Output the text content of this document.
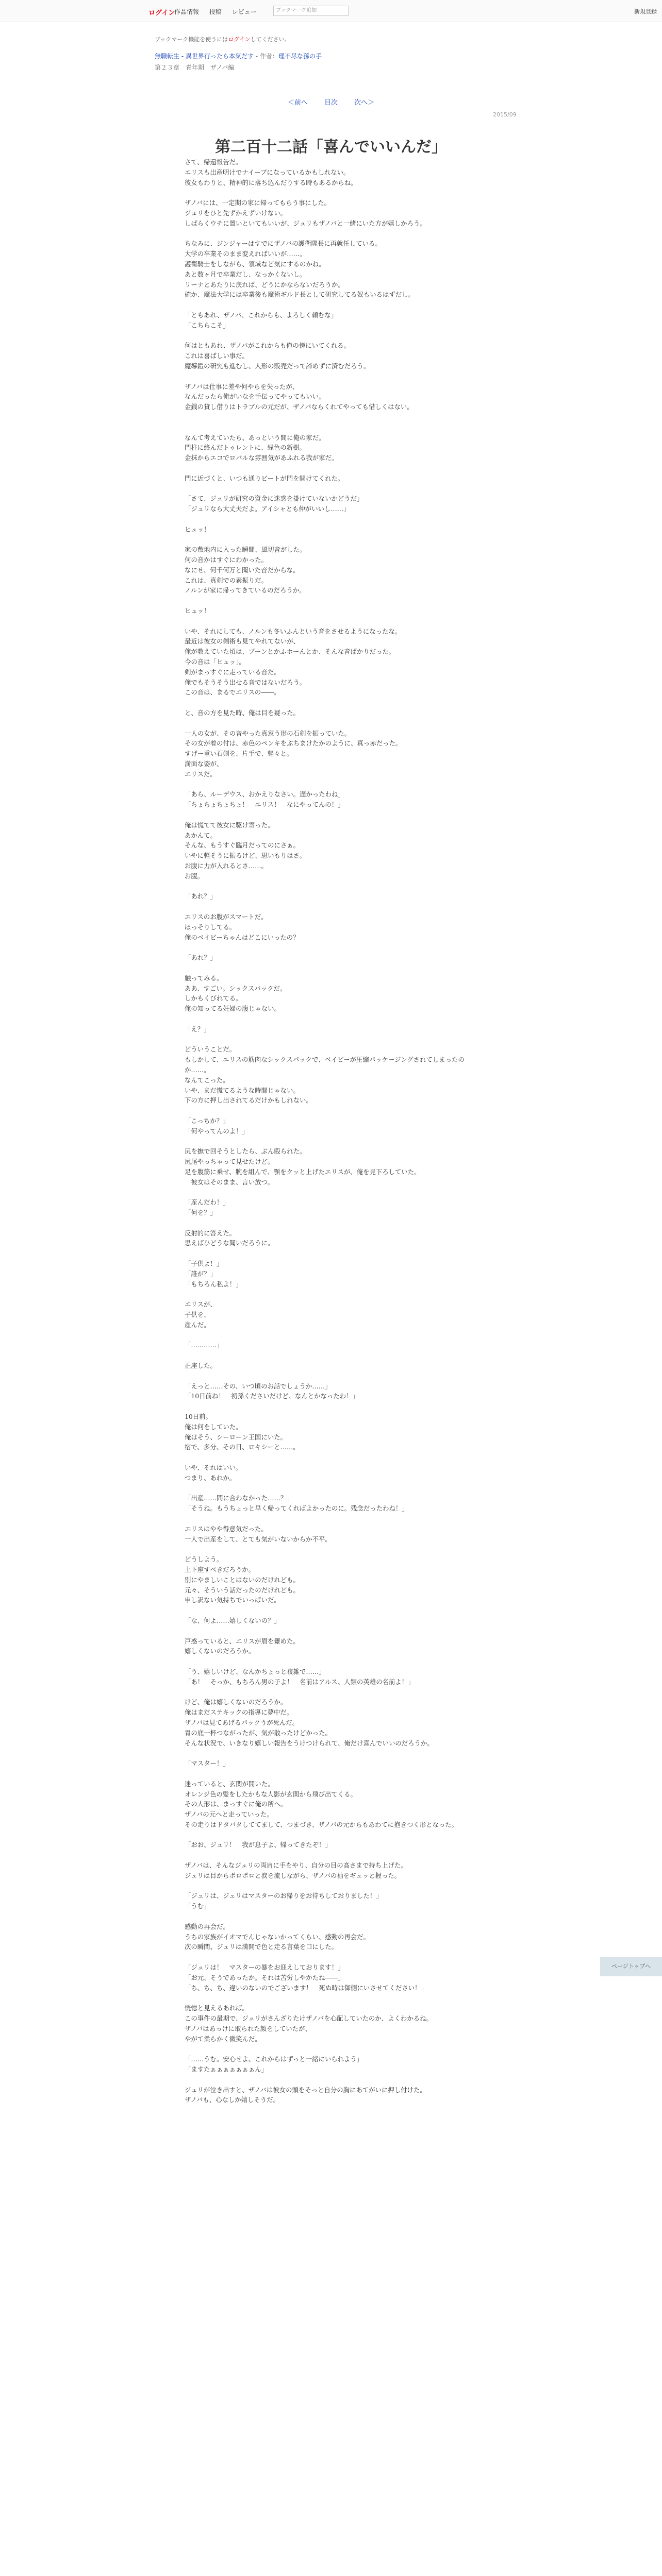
ログイン
作品情報 投稿 レビュー	ブックマーク追加	新規登録
ブックマーク機能を使うにはログインしてください。
無職転生 - 異世界行ったら本気だす - 作者：理不尽な孫の手
第２３章　青年期　ザノバ編
＜前へ 目次 次へ＞
2015/09
第二百十二話「喜んでいいんだ」

さて、帰還報告だ。

エリスも出産明けでナイーブになっているかもしれない。

彼女もわりと、精神的に落ち込んだりする時もあるからね。

ザノバには、一定期の家に帰ってもらう事にした。

ジュリをひと先ずかえずいけない。

しばらくウチに置いといてもいいが、ジュリもザノバと一緒にいた方が嬉しかろう。

ちなみに、ジンジャーはすでにザノバの護衛隊長に再就任している。

大学の卒業そのまま変えればいいが……。

護衛騎士をしながら、領域など気にするのかね。

あと数ヶ月で卒業だし、なっかくないし。

リーナとあたりに戻れば、どうにかならないだろうか。

確か、魔法大学には卒業後も魔術ギルド長として研究してる奴もいるはずだし。

「ともあれ、ザノバ、これからも、よろしく頼むな」

「こちらこそ」

何はともあれ、ザノバがこれからも俺の傍にいてくれる。

これは喜ばしい事だ。

魔導鎧の研究も進むし、人形の販売だって諦めずに済むだろう。

ザノバは仕事に差や何やらを失ったが、

なんだったら俺がいなを手伝ってやってもいい。

金銭の貸し借りはトラブルの元だが、ザノバならくれてやっても惜しくはない。

なんて考えていたら、あっという間に俺の家だ。

門柱に絡んだトゥレントに、緑色の新樹。

金抹からエコでロバルな雰囲気があふれる我が家だ。

門に近づくと、いつも通りビートが門を開けてくれた。

「さて、ジュリが研究の資金に迷惑を掛けていないかどうだ」

「ジュリなら大丈夫だよ。アイシャとも仲がいいし……」

ヒュッ！

家の敷地内に入った瞬間、風切音がした。

何の音かはすぐにわかった。

なにせ、何千何万と聞いた音だからな。

これは、真剣での素振りだ。

ノルンが家に帰ってきているのだろうか。

ヒュッ！

いや、それにしても、ノルンも冬いふんという音をさせるようになったな。

最近は彼女の剣術も見てやれてないが、

俺が教えていた頃は、ブーンとかふホーんとか、そんな音ばかりだった。

今の音は「ヒュッ」。

剣がまっすぐに走っている音だ。

俺でもそうそう出せる音ではないだろう。

この音は、まるでエリスの――。

と、音の方を見た時、俺は目を疑った。

一人の女が、その音やった真窓う形の石剣を振っていた。

その女が着の付は、赤色のペンキをぶちまけたかのように、真っ赤だった。

すげー重い石剣を、片手で、軽々と。

満面な姿が、

エリスだ。

「あら、ルーデウス、おかえりなさい。遅かったわね」

「ちょちょちょちょ！　エリス！　なにやってんの！」

俺は慌てて彼女に駆け寄った。

あかんて。

そんな、もうすぐ臨月だってのにさぁ。

いやに軽そうに振るけど、思いもりはさ。

お腹に力が入れるとさ……。

お腹。

「あれ？」

エリスのお腹がスマートだ。

ほっそりしてる。

俺のベイビーちゃんはどこにいったの？

「あれ？」

触ってみる。

ああ、すごい。シックスパックだ。

しかもくびれてる。

俺の知ってる妊婦の腹じゃない。

「え？」

どういうことだ。

もしかして、エリスの筋肉なシックスパックで、ベイビーが圧縮パッケージングされてしまったのか……。

なんてこった。

いや、まだ慌てるような時間じゃない。

下の方に押し出されてるだけかもしれない。

「こっちか？」

「何やってんのよ！」

尻を撫で回そうとしたら、ぶん殴られた。

尻尾やっちゃって見せたけど。

足を腹筋に乗せ、腕を組んで、顎をクッと上げたエリスが、俺を見下ろしていた。

　彼女はそのまま、言い放つ。

「産んだわ！」

「何を？」

反射的に答えた。

思えばひどうな聞いだろうに。

「子供よ！」

「誰が？」

「もちろん私よ！」

エリスが、

子供を、

産んだ。

「…………」

正座した。

「えっと……その、いつ頃のお話でしょうか……」

「10日前ね！　初孫くださいだけど、なんとかなったわ！」

10日前。

俺は何をしていた。

俺はそう、シーローン王国にいた。

宿で、多分、その日、ロキシーと……。

いや、それはいい。

つまり、あれか。

「出産……間に合わなかった……？」

「そうね。もうちょっと早く帰ってくればよかったのに。残念だったわね！」

エリスはやや得意気だった。

一人で出産をして、とても気がいないからか不平。

どうしよう。

土下座すべきだろうか。

別にやましいことはないのだけれども。

元々、そういう話だったのだけれども。

申し訳ない気持ちでいっぱいだ。

「な、何よ……嬉しくないの？」

戸惑っていると、エリスが眉を顰めた。

嬉しくないのだろうか。

「う、嬉しいけど、なんかちょっと複雑で……」

「あ！　そっか、もちろん男の子よ！　名前はアルス、人類の英雄の名前よ！」

けど、俺は嬉しくないのだろうか。

俺はまだステキックの指導に夢中だ。

ザノバは見てあげるパックうが死んだ。

胃の底一杯つながったが、気が散ったけどかった。

そんな状況で、いきなり嬉しい報告をうけつけられて、俺だけ喜んでいいのだろうか。

「マスター！」

迷っていると、玄関が開いた。

オレンジ色の髪をしたかもな人影が玄関から飛び出てくる。

その人形は、まっすぐに俺の所へ。

ザノバの元へと走っていった。

その走りはドタバタしててまして、つまづき、ザノバの元からもあわてに抱きつく形となった。

「おお、ジュリ！　我が息子よ、帰ってきたぞ！」

ザノバは、そんなジュリの両肩に手をやり、自分の目の高さまで持ち上げた。

ジュリは目からポロポロと涙を流しながら、ザノバの袖をギュッと握った。

「ジュリは、ジュリはマスターのお帰りをお待ちしておりました！」

「うむ」

感動の再会だ。

うちの家族がイオマでんじゃないかってくらい、感動の再会だ。

次の瞬間、ジュリは満開で色と走る言葉を口にした。

「ジュリは！　マスターの暴をお迎えしております！」

「お元、そうであったか。それは苦労しやかたね――」

「ち、ち、ち、違いのないのでございます！　死ぬ時は御側にいさせてください！」

恍惚と見えるあれば。

この事件の最期で、ジュリがさんざりたけザノバを心配していたのか、よくわかるね。

ザノバはあっけに取られた顔をしていたが、

やがて柔らかく微笑んだ。

「……うむ。安心せよ、これからはずっと一緒にいられよう」

「ますたぁぁぁぁぁぁぁん」

ジュリが泣き出すと、ザノバは彼女の頭をそっと自分の胸にあてがいに押し付けた。

ザノバも、心なしか嬉しそうだ。

ページトップへ
